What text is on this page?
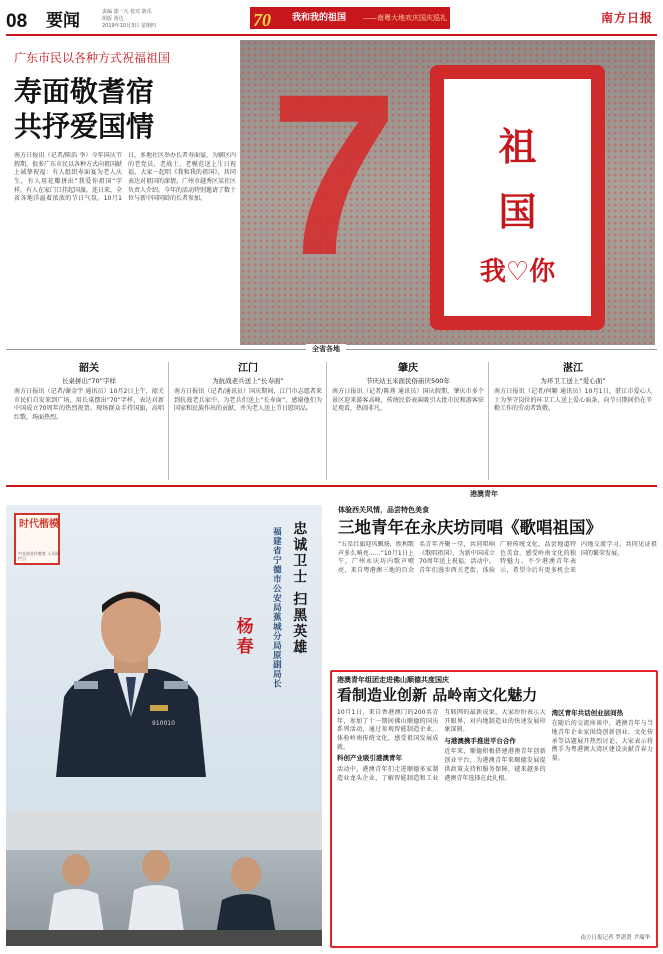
08 要闻	责编 邵一凡 校对 陈乐
组版 黄达
2019年10月3日 星期四	70 我和我的祖国 ——南粤大地欢庆国庆巡礼	南方日报
广东市民以各种方式祝福祖国
寿面敬耆宿
共抒爱国情
南方日报讯（记者/陈浩 李）今年国庆节假期，很多广东市民以各种方式向祖国献上诚挚祝福：有人组织寿面宴为老人庆生，有人用花瓣拼出“我爱你祖国”字样，有人在家门口挂起国旗。连日来，全省各地洋溢着浓浓的节日气氛。10月1日，多地社区举办长者寿面宴，为辖区内的老党员、老战士、老模范送上生日祝福，大家一起唱《我和我的祖国》，共同表达对祖国的深情。广州市越秀区某社区负责人介绍，今年的活动特别邀请了数十位与新中国同龄的长者参加。 7	祖
国
我♡你
全省各地
韶关
长桌拼出“70”字样
南方日报讯（记者/谢金宇 通讯员）10月2日上午，韶关市民们自发来到广场，用长桌摆出“70”字样，表达对新中国成立70周年的热烈祝贺。现场群众手持国旗，高唱红歌，场面热烈。
江门
为抗战老兵送上“长寿面”
南方日报讯（记者/通讯员）国庆期间，江门市志愿者来到抗战老兵家中，为老兵们送上“长寿面”，感谢他们为国家和民族作出的贡献，并为老人送上节日慰问品。
肇庆
节庆站玉米面民俗庙庆500年
南方日报讯（记者/陈燕 通讯员）国庆假期，肇庆市多个景区迎来游客高峰，传统民俗表演吸引大批市民和游客驻足观看，热闹非凡。
湛江
为环卫工送上“爱心面”
南方日报讯（记者/何颖 通讯员）10月1日，湛江市爱心人士为坚守岗位的环卫工人送上爱心面条，向节日期间仍在辛勤工作的劳动者致敬。
港澳青年
时代楷模
中宣部宣传教育 入耳画栏目	忠诚卫士 扫黑英雄
福建省宁德市公安局蕉城分局原副局长
杨春
910010
体验西关风情，品尝特色美食
三地青年在永庆坊同唱《歌唱祖国》
“五星红旗迎风飘扬，胜利歌声多么响亮……”10月1日上午，广州永庆坊内歌声嘹亮，来自粤港澳三地的百余名青年齐聚一堂，共同唱响《歌唱祖国》，为新中国成立70周年送上祝福。活动中，青年们漫步西关老街，体验广府传统文化，品尝地道特色美食，感受岭南文化的独特魅力。不少港澳青年表示，希望今后有更多机会来内地交流学习，共同见证祖国的繁荣发展。
港澳青年组团走进佛山顺德共度国庆
看制造业创新 品岭南文化魅力

10月1日，来自香港澳门的200名青年，参加了十一期间佛山顺德的国庆系列活动，通过参观智能制造企业、体验岭南传统文化，感受祖国发展成就。

科创产业吸引港澳青年

活动中，港澳青年们走进顺德多家制造业龙头企业，了解智能制造和工业互联网的最新成果，大家纷纷表示大开眼界，对内地制造业的快速发展印象深刻。

与港澳携手推进平台合作

近年来，顺德积极搭建港澳青年创新创业平台，为港澳青年来顺德发展提供政策支持和服务保障，越来越多的港澳青年选择在此扎根。

湾区青年共话创业层间热

在随后的交流座谈中，港澳青年与当地青年企业家围绕创新创业、文化传承等话题展开热烈讨论，大家表示将携手为粤港澳大湾区建设贡献青春力量。

南方日报记者 罗湛贤 尹瑞华
